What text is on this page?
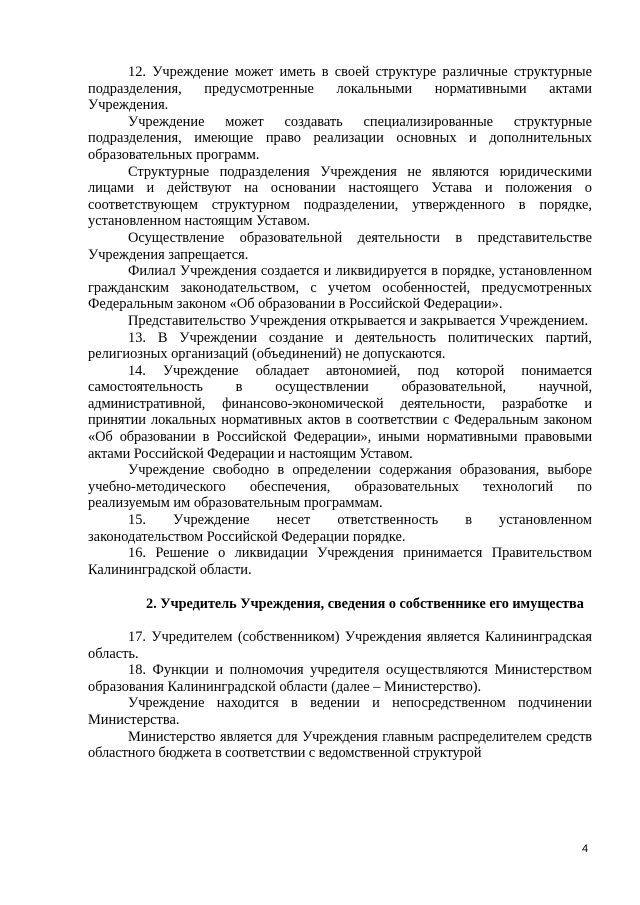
12. Учреждение может иметь в своей структуре различные структурные подразделения, предусмотренные локальными нормативными актами Учреждения.

Учреждение может создавать специализированные структурные подразделения, имеющие право реализации основных и дополнительных образовательных программ.

Структурные подразделения Учреждения не являются юридическими лицами и действуют на основании настоящего Устава и положения о соответствующем структурном подразделении, утвержденного в порядке, установленном настоящим Уставом.

Осуществление образовательной деятельности в представительстве Учреждения запрещается.

Филиал Учреждения создается и ликвидируется в порядке, установленном гражданским законодательством, с учетом особенностей, предусмотренных Федеральным законом «Об образовании в Российской Федерации».

Представительство Учреждения открывается и закрывается Учреждением.

13. В Учреждении создание и деятельность политических партий, религиозных организаций (объединений) не допускаются.

14. Учреждение обладает автономией, под которой понимается самостоятельность в осуществлении образовательной, научной, административной, финансово-экономической деятельности, разработке и принятии локальных нормативных актов в соответствии с Федеральным законом «Об образовании в Российской Федерации», иными нормативными правовыми актами Российской Федерации и настоящим Уставом.

Учреждение свободно в определении содержания образования, выборе учебно-методического обеспечения, образовательных технологий по реализуемым им образовательным программам.

15. Учреждение несет ответственность в установленном законодательством Российской Федерации порядке.

16. Решение о ликвидации Учреждения принимается Правительством Калининградской области.

2. Учредитель Учреждения, сведения о собственнике его имущества

17. Учредителем (собственником) Учреждения является Калининградская область.

18. Функции и полномочия учредителя осуществляются Министерством образования Калининградской области (далее – Министерство).

Учреждение находится в ведении и непосредственном подчинении Министерства.

Министерство является для Учреждения главным распределителем средств областного бюджета в соответствии с ведомственной структурой

4
